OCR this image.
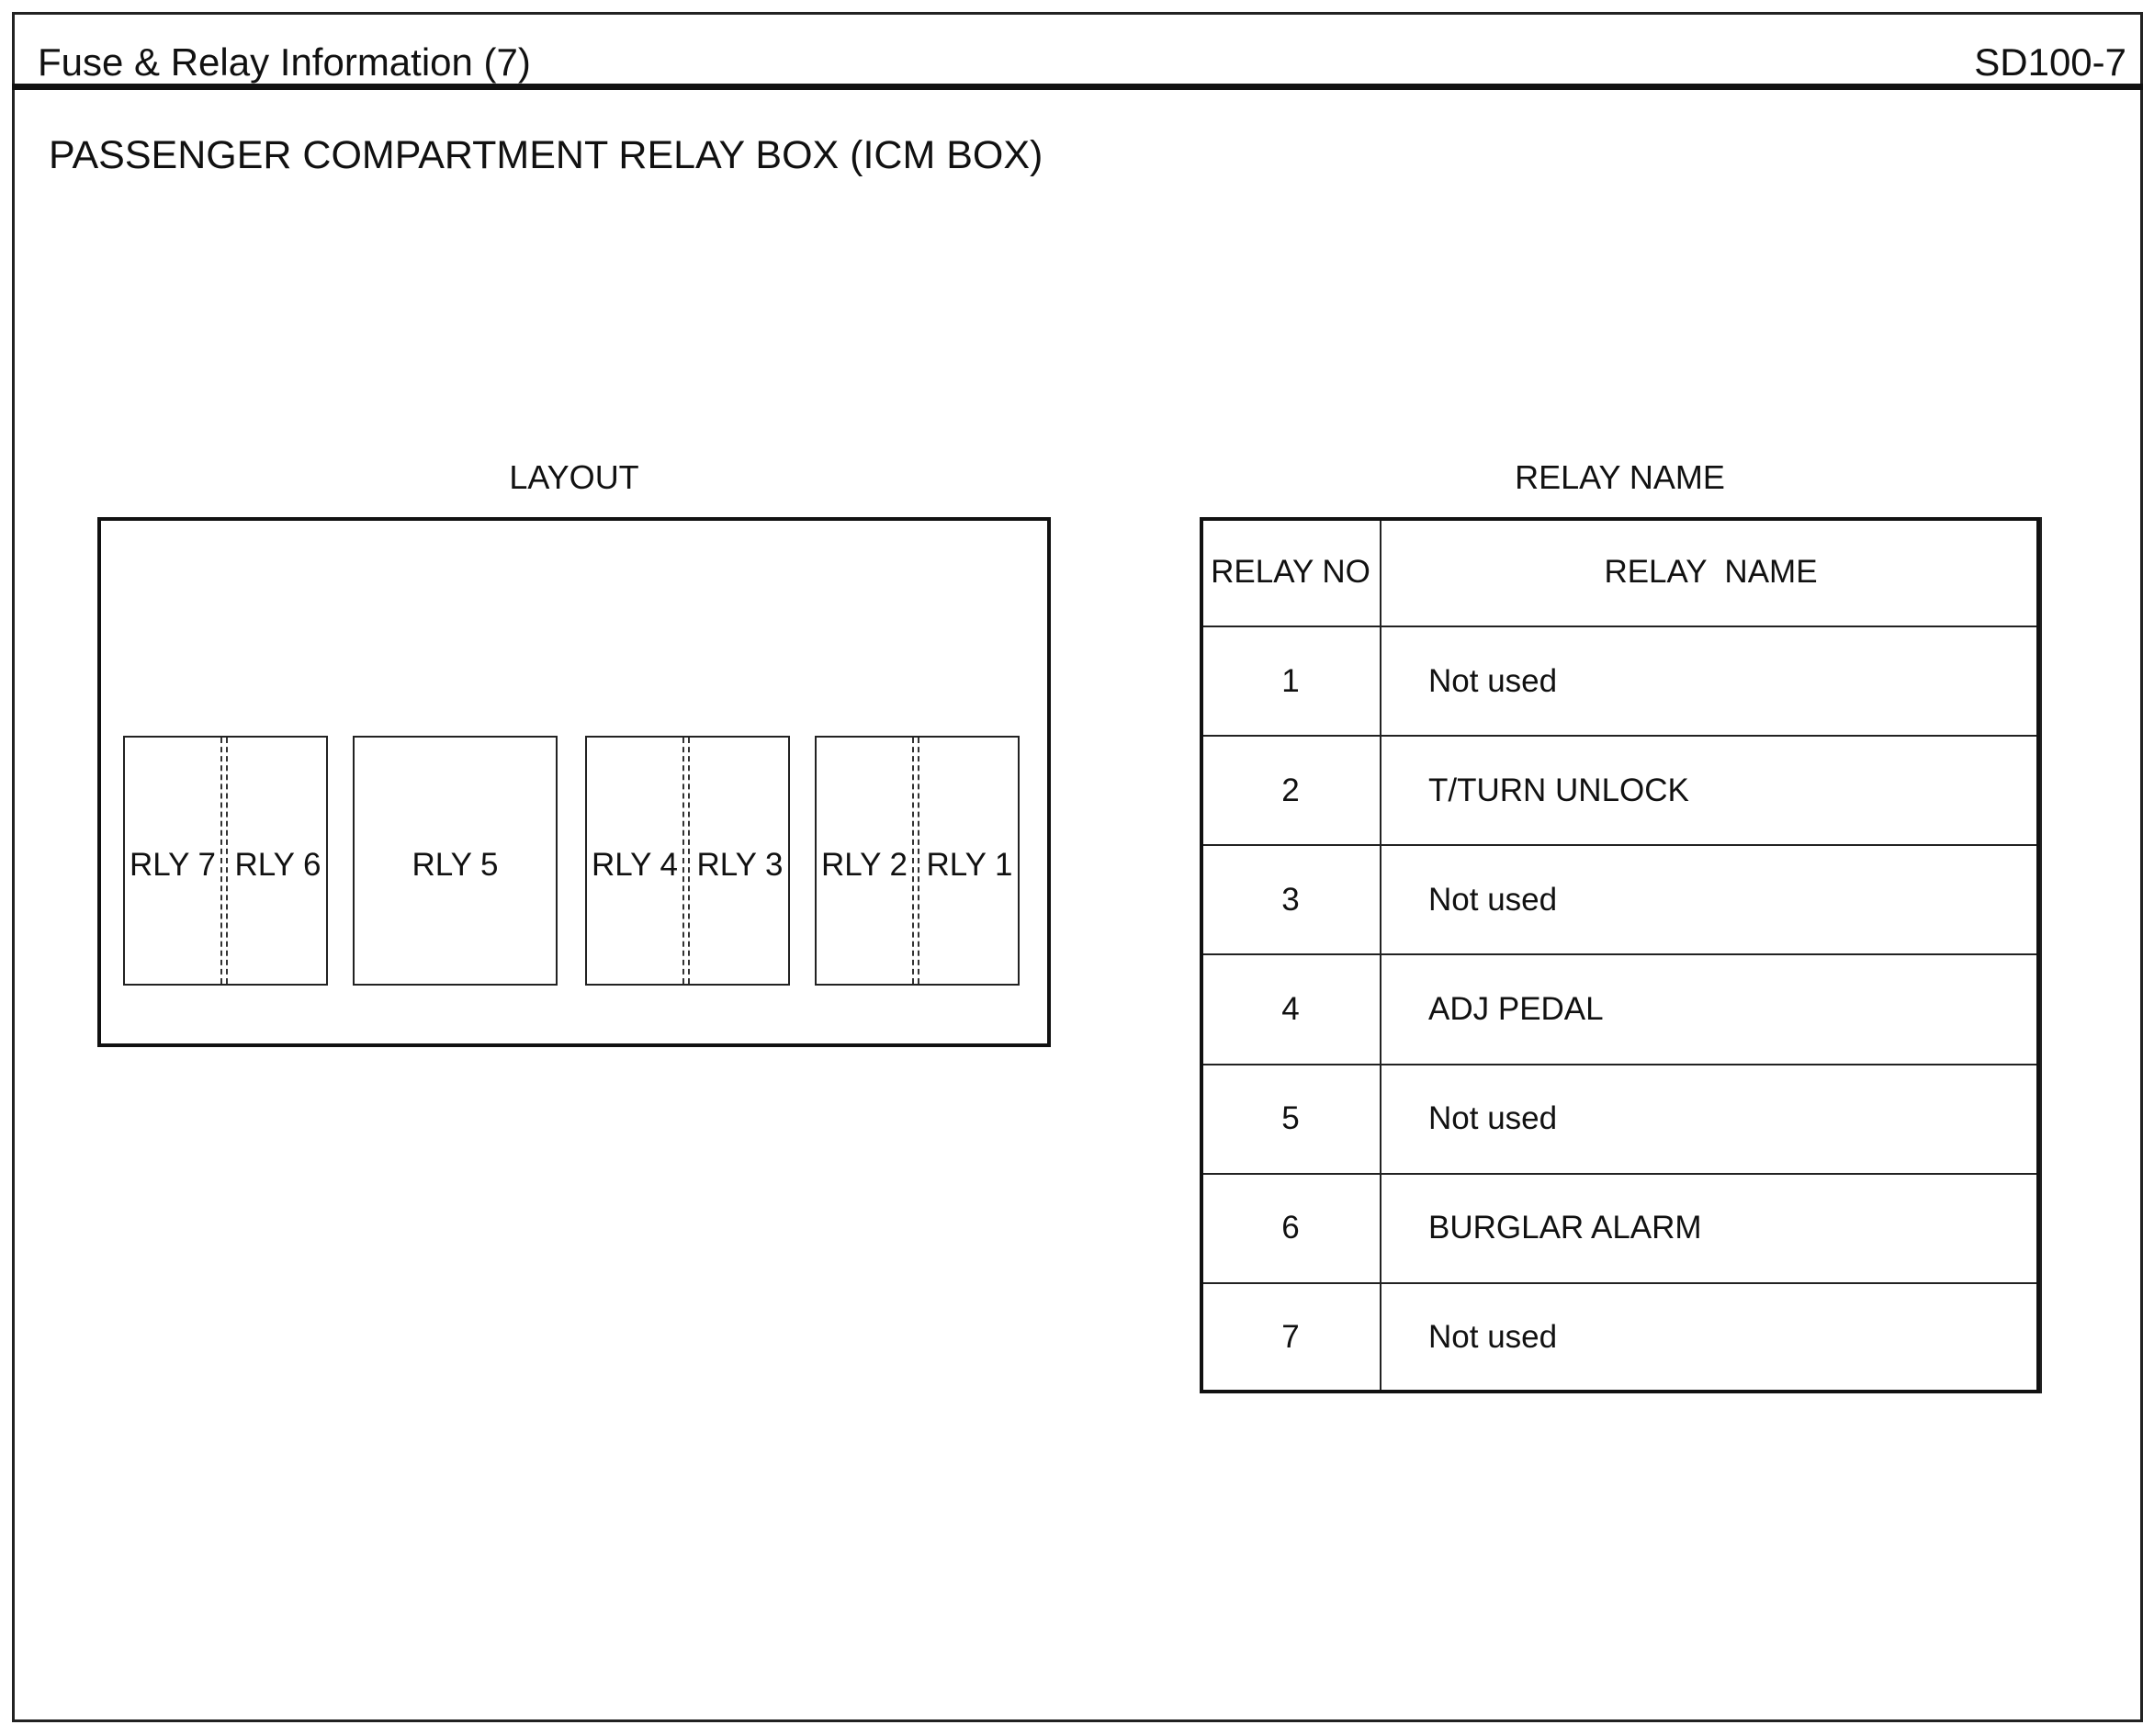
Fuse & Relay Information (7)	SD100-7
PASSENGER COMPARTMENT RELAY BOX (ICM BOX)
LAYOUT	RELAY NAME
RLY 7 RLY 6	RLY 5	RLY 4 RLY 3 RLY 2 RLY 1
RELAY NO	RELAY  NAME
1	Not used
2	T/TURN UNLOCK
3	Not used
4	ADJ PEDAL
5	Not used
6	BURGLAR ALARM
7	Not used
